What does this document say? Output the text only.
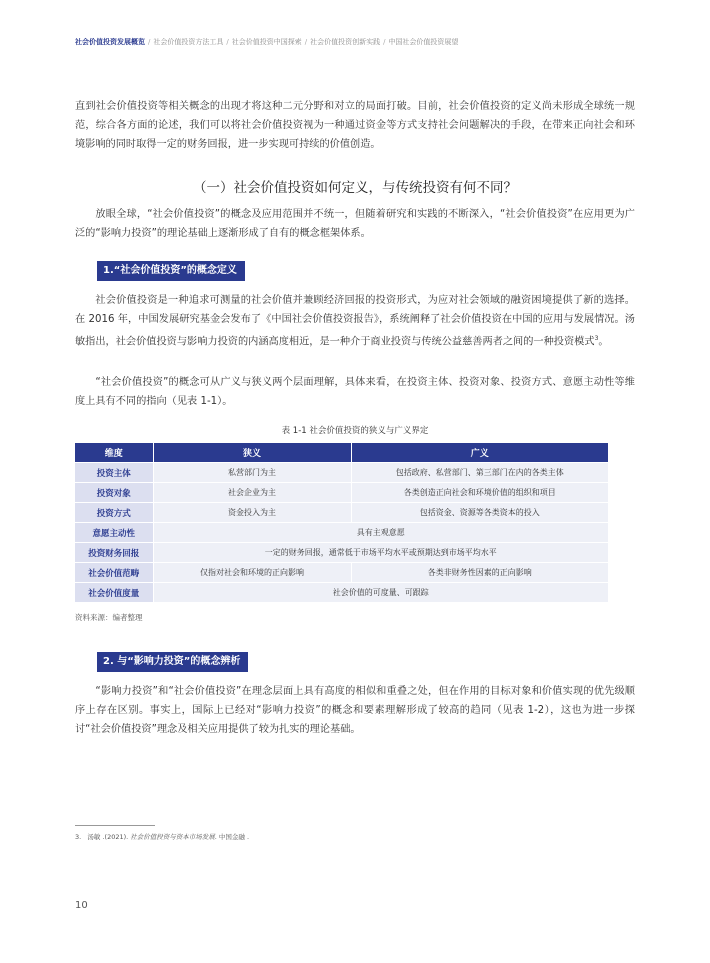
社会价值投资发展概览 / 社会价值投资方法工具 / 社会价值投资中国探索 / 社会价值投资创新实践 / 中国社会价值投资展望
直到社会价值投资等相关概念的出现才将这种二元分野和对立的局面打破。目前，社会价值投资的定义尚未形成全球统一规范，综合各方面的论述，我们可以将社会价值投资视为一种通过资金等方式支持社会问题解决的手段，在带来正向社会和环境影响的同时取得一定的财务回报，进一步实现可持续的价值创造。
（一）社会价值投资如何定义，与传统投资有何不同？
放眼全球，“社会价值投资”的概念及应用范围并不统一，但随着研究和实践的不断深入，“社会价值投资”在应用更为广泛的“影响力投资”的理论基础上逐渐形成了自有的概念框架体系。
1.“社会价值投资”的概念定义
社会价值投资是一种追求可测量的社会价值并兼顾经济回报的投资形式，为应对社会领域的融资困境提供了新的选择。 在 2016 年，中国发展研究基金会发布了《中国社会价值投资报告》，系统阐释了社会价值投资在中国的应用与发展情况。汤敏指出，社会价值投资与影响力投资的内涵高度相近，是一种介于商业投资与传统公益慈善两者之间的一种投资模式$^3$。
“社会价值投资”的概念可从广义与狭义两个层面理解，具体来看，在投资主体、投资对象、投资方式、意愿主动性等维度上具有不同的指向（见表 1-1）。
表 1-1 社会价值投资的狭义与广义界定
维度	狭义	广义
投资主体	私营部门为主	包括政府、私营部门、第三部门在内的各类主体
投资对象	社会企业为主	各类创造正向社会和环境价值的组织和项目
投资方式	资金投入为主	包括资金、资源等各类资本的投入
意愿主动性	具有主观意愿	
投资财务回报	一定的财务回报，通常低于市场平均水平或预期达到市场平均水平	
社会价值范畴	仅指对社会和环境的正向影响	各类非财务性因素的正向影响
社会价值度量	社会价值的可度量、可跟踪	
资料来源：编者整理
2. 与“影响力投资”的概念辨析
“影响力投资”和“社会价值投资”在理念层面上具有高度的相似和重叠之处，但在作用的目标对象和价值实现的优先级顺序上存在区别。事实上，国际上已经对“影响力投资”的概念和要素理解形成了较高的趋同（见表 1-2），这也为进一步探讨“社会价值投资”理念及相关应用提供了较为扎实的理论基础。
3. 汤敏 .(2021). 社会价值投资与资本市场发展. 中国金融 .
10
